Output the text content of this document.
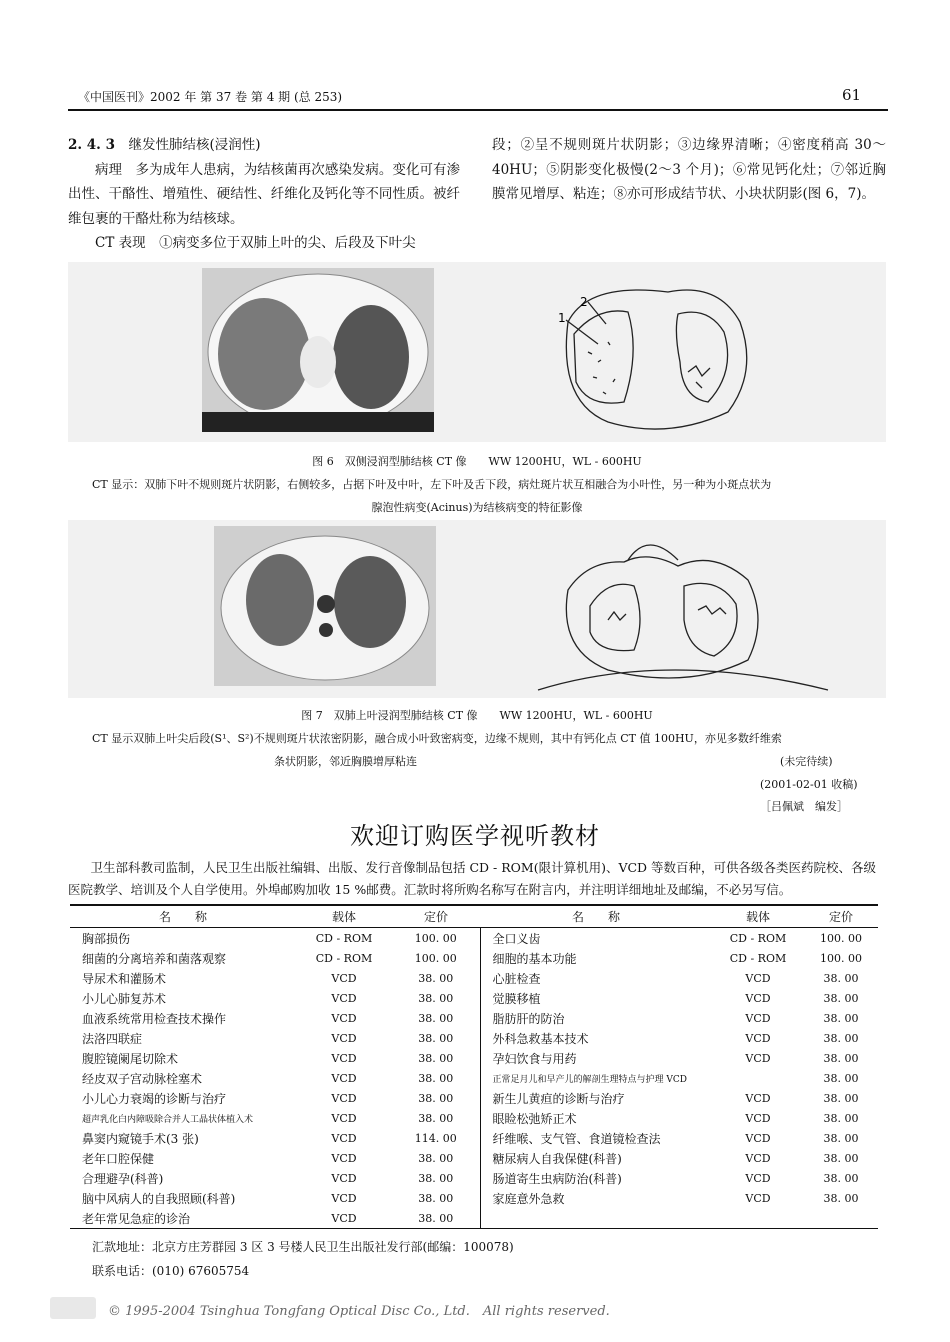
《中国医刊》2002 年 第 37 卷 第 4 期 (总 253)	61

2. 4. 3　 继发性肺结核(浸润性)

病理　多为成年人患病，为结核菌再次感染发病。变化可有渗出性、干酪性、增殖性、硬结性、纤维化及钙化等不同性质。被纤维包裹的干酪灶称为结核球。

CT 表现　①病变多位于双肺上叶的尖、后段及下叶尖

段；②呈不规则斑片状阴影；③边缘界清晰；④密度稍高 30～40HU；⑤阴影变化极慢(2～3 个月)；⑥常见钙化灶；⑦邻近胸膜常见增厚、粘连；⑧亦可形成结节状、小块状阴影(图 6，7)。

1
2
图 6　双侧浸润型肺结核 CT 像　　WW 1200HU，WL - 600HU
CT 显示：双肺下叶不规则斑片状阴影，右侧较多，占据下叶及中叶，左下叶及舌下段，病灶斑片状互相融合为小叶性，另一种为小斑点状为
腺泡性病变(Acinus)为结核病变的特征影像
图 7　双肺上叶浸润型肺结核 CT 像　　WW 1200HU，WL - 600HU
CT 显示双肺上叶尖后段(S¹、S²)不规则斑片状浓密阴影，融合成小叶致密病变，边缘不规则，其中有钙化点 CT 值 100HU，亦见多数纤维索
条状阴影，邻近胸膜增厚粘连	(未完待续)
(2001-02-01 收稿)
［吕佩斌　编发］
欢迎订购医学视听教材
卫生部科教司监制，人民卫生出版社编辑、出版、发行音像制品包括 CD - ROM(限计算机用)、VCD 等数百种，可供各级各类医药院校、各级医院教学、培训及个人自学使用。外埠邮购加收 15 %邮费。汇款时将所购名称写在附言内，并注明详细地址及邮编，不必另写信。
名　　称	载体	定价	名　　称	载体	定价
胸部损伤	CD - ROM	100. 00	全口义齿	CD - ROM	100. 00
细菌的分离培养和菌落观察	CD - ROM	100. 00	细胞的基本功能	CD - ROM	100. 00
导尿术和灌肠术	VCD	38. 00	心脏检查	VCD	38. 00
小儿心肺复苏术	VCD	38. 00	觉膜移植	VCD	38. 00
血液系统常用检查技术操作	VCD	38. 00	脂肪肝的防治	VCD	38. 00
法洛四联症	VCD	38. 00	外科急救基本技术	VCD	38. 00
腹腔镜阑尾切除术	VCD	38. 00	孕妇饮食与用药	VCD	38. 00
经皮双子宫动脉栓塞术	VCD	38. 00	正常足月儿和早产儿的解剖生理特点与护理 VCD		38. 00
小儿心力衰竭的诊断与治疗	VCD	38. 00	新生儿黄疸的诊断与治疗	VCD	38. 00
超声乳化白内障吸除合并人工晶状体植入术	VCD	38. 00	眼睑松弛矫正术	VCD	38. 00
鼻窦内窥镜手术(3 张)	VCD	114. 00	纤维喉、支气管、食道镜检查法	VCD	38. 00
老年口腔保健	VCD	38. 00	糖尿病人自我保健(科普)	VCD	38. 00
合理避孕(科普)	VCD	38. 00	肠道寄生虫病防治(科普)	VCD	38. 00
脑中风病人的自我照顾(科普)	VCD	38. 00	家庭意外急救	VCD	38. 00
老年常见急症的诊治	VCD	38. 00			
汇款地址：北京方庄芳群园 3 区 3 号楼人民卫生出版社发行部(邮编：100078)
联系电话：(010) 67605754
© 1995-2004 Tsinghua Tongfang Optical Disc Co., Ltd.　All rights reserved.
